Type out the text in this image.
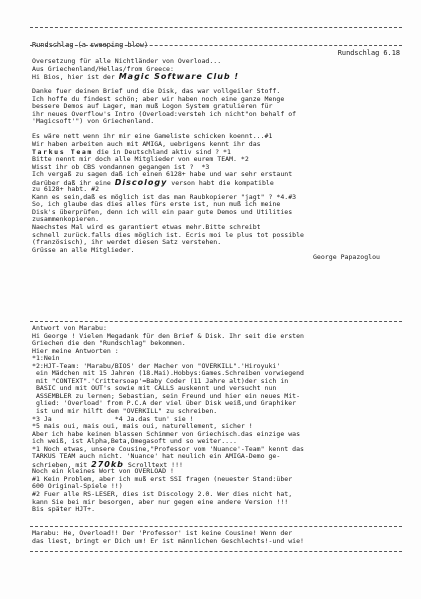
Rundschlag (a sweeping blow)

Rundschlag 6.18

Oversetzung für alle Nichtländer von Overload...
Aus Griechenland/Hellas/from Greece:
Hi Bios, hier ist der Magic Software Club !

Danke fuer deinen Brief und die Disk, das war vollgeiler Stoff.
Ich hoffe du findest schön; aber wir haben noch eine ganze Menge
bessere Demos auf Lager, man muß Logon System gratulieren für
ihr neues Overflow's Intro (Overload:versteh ich nicht"on behalf of
'Magicsoft'") von Griechenland.

Es wäre nett wenn ihr mir eine Gameliste schicken koennt...#1
Wir haben arbeiten auch mit AMIGA, uebrigens kennt ihr das
Tarkus Team die in Deutschland aktiv sind ? *1
Bitte nennt mir doch alle Mitglieder von eurem TEAM. *2
Wisst ihr ob CBS vondannen gegangen ist ?  *3
Ich vergaß zu sagen daß ich einen 6128+ habe und war sehr erstaunt
darüber daß ihr eine Discology verson habt die kompatible
zu 6128+ habt. #2
Kann es sein,daß es möglich ist das man Raubkopierer "jagt" ? *4.#3
So, ich glaube das dies alles fürs erste ist, nun muß ich meine
Disk's überprüfen, denn ich will ein paar gute Demos und Utilities
zusammenkopieren.
Naechstes Mal wird es garantiert etwas mehr.Bitte schreibt
schnell zurück.falls dies möglich ist. Ecris moi le plus tot possible
(französisch), ihr werdet diesen Satz verstehen.
Grüsse an alle Mitglieder.
George Papazoglou
Antwort von Marabu:
Hi George ! Vielen Megadank für den Brief & Disk. Ihr seit die ersten
Griechen die den "Rundschlag" bekommen.
Hier meine Antworten :
*1:Nein
*2:HJT-Team: 'Marabu/BIOS' der Macher von "OVERKILL".'Hiroyuki'
ein Mädchen mit 15 Jahren (18.Mai).Hobbys:Games.Schreiben vorwiegend
mit "CONTEXT".'Crittersoap'=Baby Coder (11 Jahre alt)der sich in
BASIC und mit OUT's sowie mit CALLS auskennt und versucht nun
ASSEMBLER zu lernen; Sebastian, sein Freund und hier ein neues Mit-
glied: 'Overload' from P.C.A der viel über Disk weiß,und Graphiker
ist und mir hilft dem "OVERKILL" zu schreiben.
*3 Ja                *4 Ja.das tun' sie !
*5 mais oui, mais oui, mais oui, naturellement, sicher !
Aber ich habe keinen blassen Schimmer von Griechisch.das einzige was
ich weiß, ist Alpha,Beta,Omegasoft und so weiter....
*1 Noch etwas, unsere Cousine,"Professor vom 'Nuance'-Team" kennt das
TARKUS TEAM auch nicht. 'Nuance' hat neulich ein AMIGA-Demo ge-
schrieben, mit 270kb Scrolltext !!!
Noch ein kleines Wort von OVERLOAD !
#1 Kein Problem, aber ich muß erst SSI fragen (neuester Stand:über
600 Original-Spiele !!)
#2 Fuer alle RS-LESER, dies ist Discology 2.0. Wer dies nicht hat,
kann Sie bei mir besorgen, aber nur gegen eine andere Version !!!
Bis später HJT+.
Marabu: He, Overload!! Der 'Professor' ist keine Cousine! Wenn der
das liest, bringt er Dich um! Er ist männlichen Geschlechts!-und wie!
